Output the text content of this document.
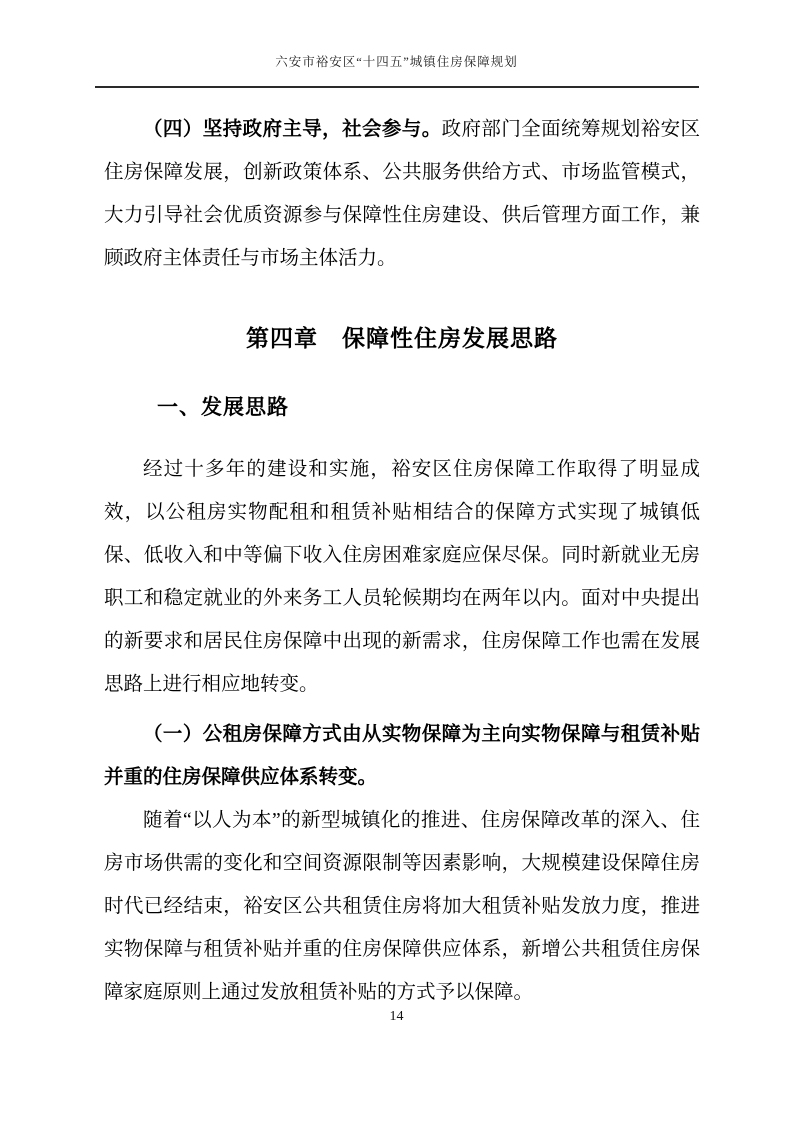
六安市裕安区“十四五”城镇住房保障规划

（四）坚持政府主导，社会参与。政府部门全面统筹规划裕安区住房保障发展，创新政策体系、公共服务供给方式、市场监管模式，大力引导社会优质资源参与保障性住房建设、供后管理方面工作，兼顾政府主体责任与市场主体活力。

第四章　保障性住房发展思路
一、发展思路

经过十多年的建设和实施，裕安区住房保障工作取得了明显成效，以公租房实物配租和租赁补贴相结合的保障方式实现了城镇低保、低收入和中等偏下收入住房困难家庭应保尽保。同时新就业无房职工和稳定就业的外来务工人员轮候期均在两年以内。面对中央提出的新要求和居民住房保障中出现的新需求，住房保障工作也需在发展思路上进行相应地转变。

（一）公租房保障方式由从实物保障为主向实物保障与租赁补贴并重的住房保障供应体系转变。

随着“以人为本”的新型城镇化的推进、住房保障改革的深入、住房市场供需的变化和空间资源限制等因素影响，大规模建设保障住房时代已经结束，裕安区公共租赁住房将加大租赁补贴发放力度，推进实物保障与租赁补贴并重的住房保障供应体系，新增公共租赁住房保障家庭原则上通过发放租赁补贴的方式予以保障。

14
